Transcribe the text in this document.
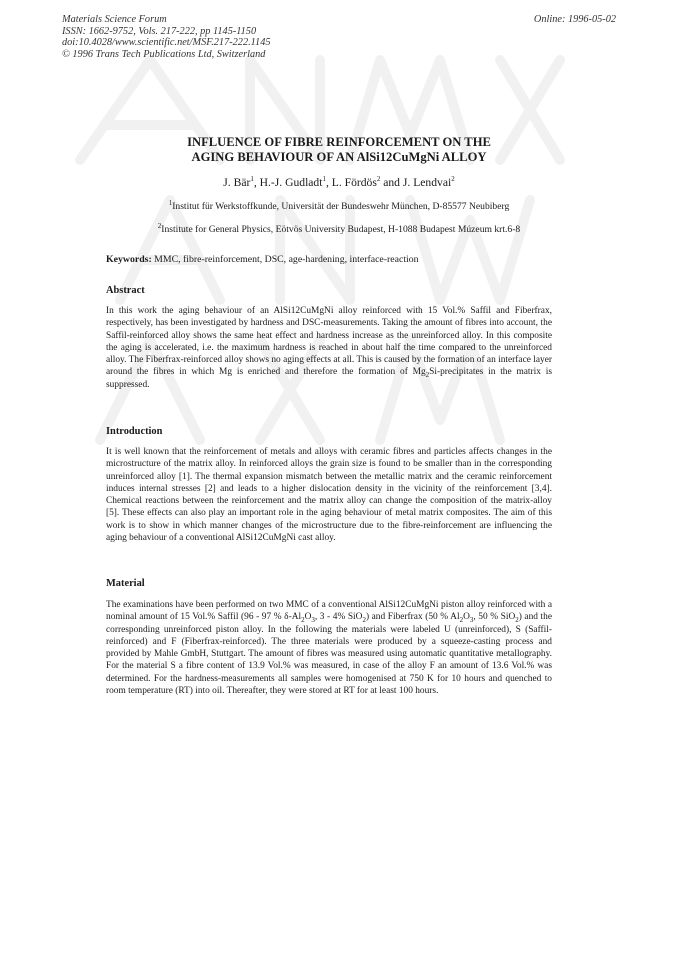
Materials Science Forum
ISSN: 1662-9752, Vols. 217-222, pp 1145-1150
doi:10.4028/www.scientific.net/MSF.217-222.1145
© 1996 Trans Tech Publications Ltd, Switzerland
Online: 1996-05-02
INFLUENCE OF FIBRE REINFORCEMENT ON THE
AGING BEHAVIOUR OF AN AlSi12CuMgNi ALLOY
J. Bär$^1$, H.-J. Gudladt$^1$, L. Fördös$^2$ and J. Lendvai$^2$
$^1$Institut für Werkstoffkunde, Universität der Bundeswehr München, D-85577 Neubiberg
$^2$Institute for General Physics, Eötvös University Budapest, H-1088 Budapest Múzeum krt.6-8
Keywords: MMC, fibre-reinforcement, DSC, age-hardening, interface-reaction
Abstract

In this work the aging behaviour of an AlSi12CuMgNi alloy reinforced with 15 Vol.% Saffil and Fiberfrax, respectively, has been investigated by hardness and DSC-measurements. Taking the amount of fibres into account, the Saffil-reinforced alloy shows the same heat effect and hardness increase as the unreinforced alloy. In this composite the aging is accelerated, i.e. the maximum hardness is reached in about half the time compared to the unreinforced alloy. The Fiberfrax-reinforced alloy shows no aging effects at all. This is caused by the formation of an interface layer around the fibres in which Mg is enriched and therefore the formation of $Mg_2Si$-precipitates in the matrix is suppressed.

Introduction

It is well known that the reinforcement of metals and alloys with ceramic fibres and particles affects changes in the microstructure of the matrix alloy. In reinforced alloys the grain size is found to be smaller than in the corresponding unreinforced alloy [1]. The thermal expansion mismatch between the metallic matrix and the ceramic reinforcement induces internal stresses [2] and leads to a higher dislocation density in the vicinity of the reinforcement [3,4]. Chemical reactions between the reinforcement and the matrix alloy can change the composition of the matrix-alloy [5]. These effects can also play an important role in the aging behaviour of metal matrix composites. The aim of this work is to show in which manner changes of the microstructure due to the fibre-reinforcement are influencing the aging behaviour of a conventional AlSi12CuMgNi cast alloy.

Material

The examinations have been performed on two MMC of a conventional AlSi12CuMgNi piston alloy reinforced with a nominal amount of 15 Vol.% Saffil (96 - 97 % $\delta-Al_2O_3$, 3 - 4% SiO$_2$) and Fiberfrax (50 % $Al_2O_3$, 50 % SiO$_2$) and the corresponding unreinforced piston alloy. In the following the materials were labeled U (unreinforced), S (Saffil-reinforced) and F (Fiberfrax-reinforced). The three materials were produced by a squeeze-casting process and provided by Mahle GmbH, Stuttgart. The amount of fibres was measured using automatic quantitative metallography. For the material S a fibre content of 13.9 Vol.% was measured, in case of the alloy F an amount of 13.6 Vol.% was determined. For the hardness-measurements all samples were homogenised at 750 K for 10 hours and quenched to room temperature (RT) into oil. Thereafter, they were stored at RT for at least 100 hours.
